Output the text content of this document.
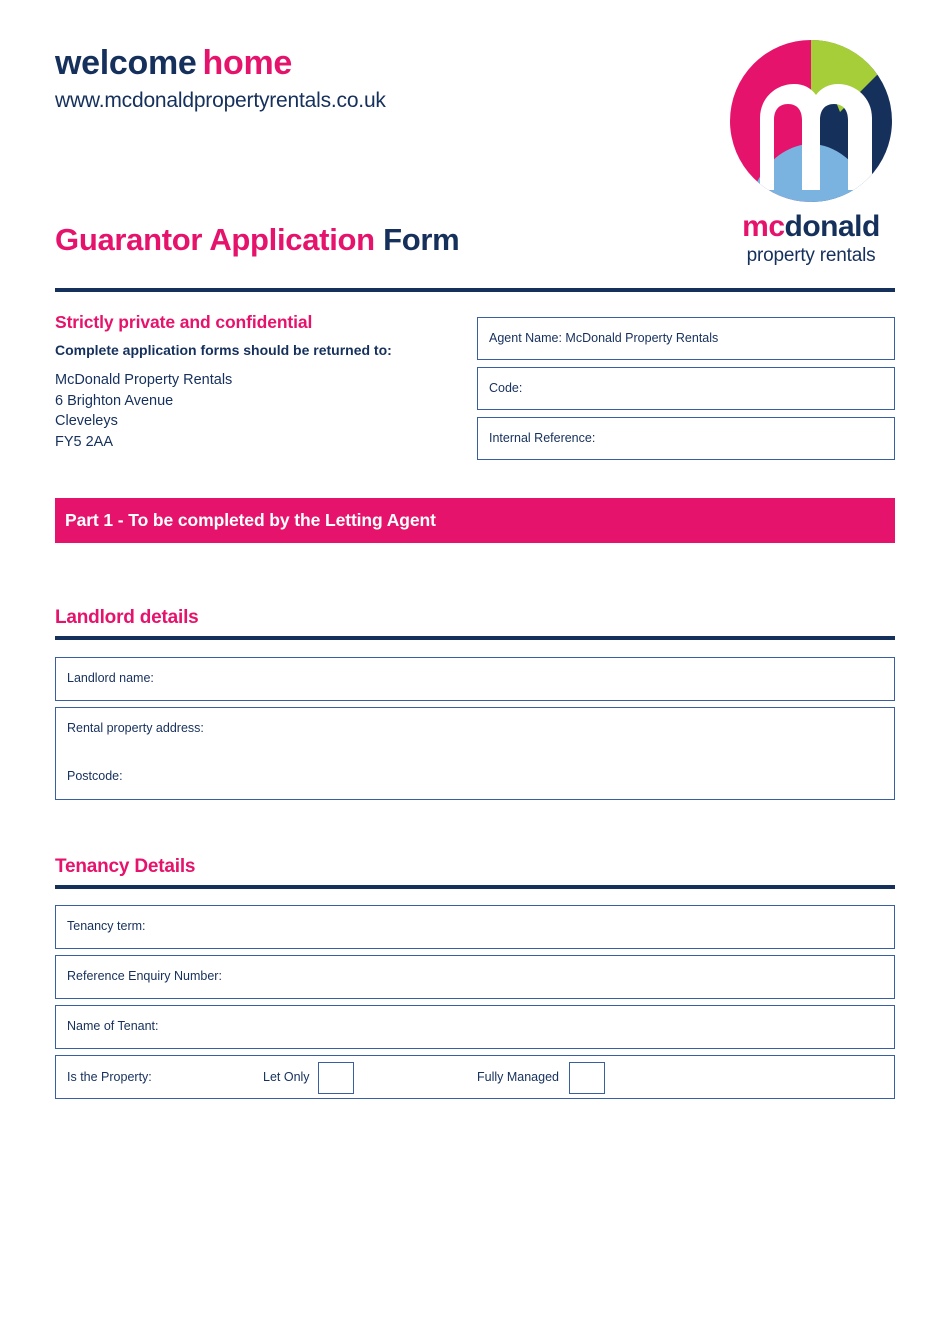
welcome home
www.mcdonaldpropertyrentals.co.uk
mcdonald
property rentals
Guarantor Application Form
Strictly private and confidential
Complete application forms should be returned to:
McDonald Property Rentals
6 Brighton Avenue
Cleveleys
FY5 2AA
Agent Name: McDonald Property Rentals
Code:
Internal Reference:
Part 1 - To be completed by the Letting Agent
Landlord details
Landlord name:
Rental property address:
Postcode:
Tenancy Details
Tenancy term:
Reference Enquiry Number:
Name of Tenant:
Is the Property:	Let Only	Fully Managed
